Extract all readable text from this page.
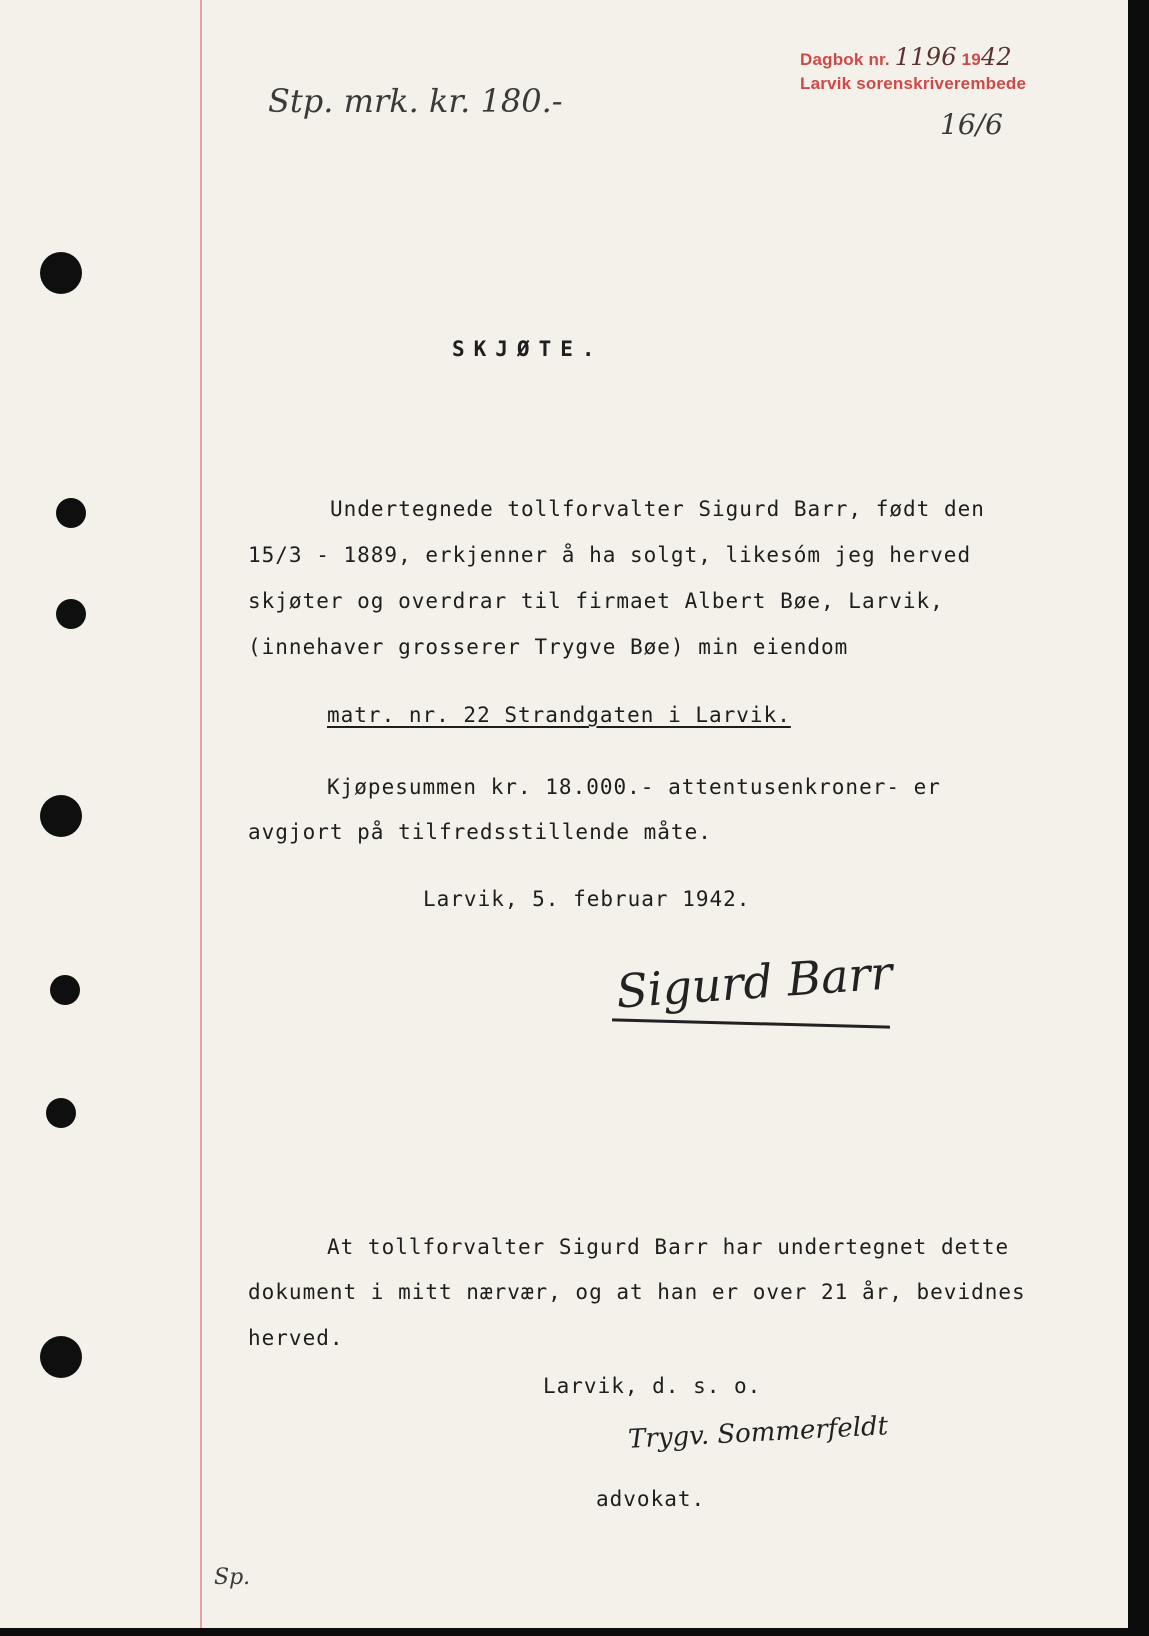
Dagbok nr. 1196 1942
Larvik sorenskriverembede
16/6
Stp. mrk. kr. 180.-
SKJØTE.
Undertegnede tollforvalter Sigurd Barr, født den
15/3 - 1889, erkjenner å ha solgt, likesóm jeg herved
skjøter og overdrar til firmaet Albert Bøe, Larvik,
(innehaver grosserer Trygve Bøe) min eiendom
matr. nr. 22 Strandgaten i Larvik.
Kjøpesummen kr. 18.000.- attentusenkroner- er
avgjort på tilfredsstillende måte.
Larvik, 5. februar 1942.
Sigurd Barr
At tollforvalter Sigurd Barr har undertegnet dette
dokument i mitt nærvær, og at han er over 21 år, bevidnes
herved.
Larvik, d. s. o.
Trygv. Sommerfeldt
advokat.
Sp.
